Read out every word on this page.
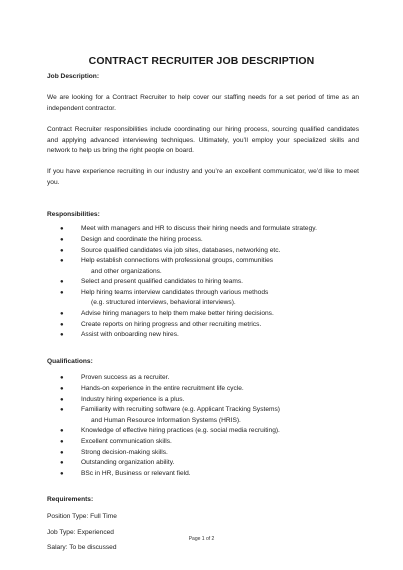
CONTRACT RECRUITER JOB DESCRIPTION
Job Description:

We are looking for a Contract Recruiter to help cover our staffing needs for a set period of time as an independent contractor.

Contract Recruiter responsibilities include coordinating our hiring process, sourcing qualified candidates and applying advanced interviewing techniques. Ultimately, you’ll employ your specialized skills and network to help us bring the right people on board.

If you have experience recruiting in our industry and you’re an excellent communicator, we’d like to meet you.

Responsibilities:
●	Meet with managers and HR to discuss their hiring needs and formulate strategy.
●	Design and coordinate the hiring process.
●	Source qualified candidates via job sites, databases, networking etc.
●	Help establish connections with professional groups, communities
and other organizations.
●	Select and present qualified candidates to hiring teams.
●	Help hiring teams interview candidates through various methods
(e.g. structured interviews, behavioral interviews).
●	Advise hiring managers to help them make better hiring decisions.
●	Create reports on hiring progress and other recruiting metrics.
●	Assist with onboarding new hires.
Qualifications:
●	Proven success as a recruiter.
●	Hands-on experience in the entire recruitment life cycle.
●	Industry hiring experience is a plus.
●	Familiarity with recruiting software (e.g. Applicant Tracking Systems)
and Human Resource Information Systems (HRIS).
●	Knowledge of effective hiring practices (e.g. social media recruiting).
●	Excellent communication skills.
●	Strong decision-making skills.
●	Outstanding organization ability.
●	BSc in HR, Business or relevant field.
Requirements:

Position Type: Full Time

Job Type: Experienced

Salary: To be discussed

Page 1 of 2
